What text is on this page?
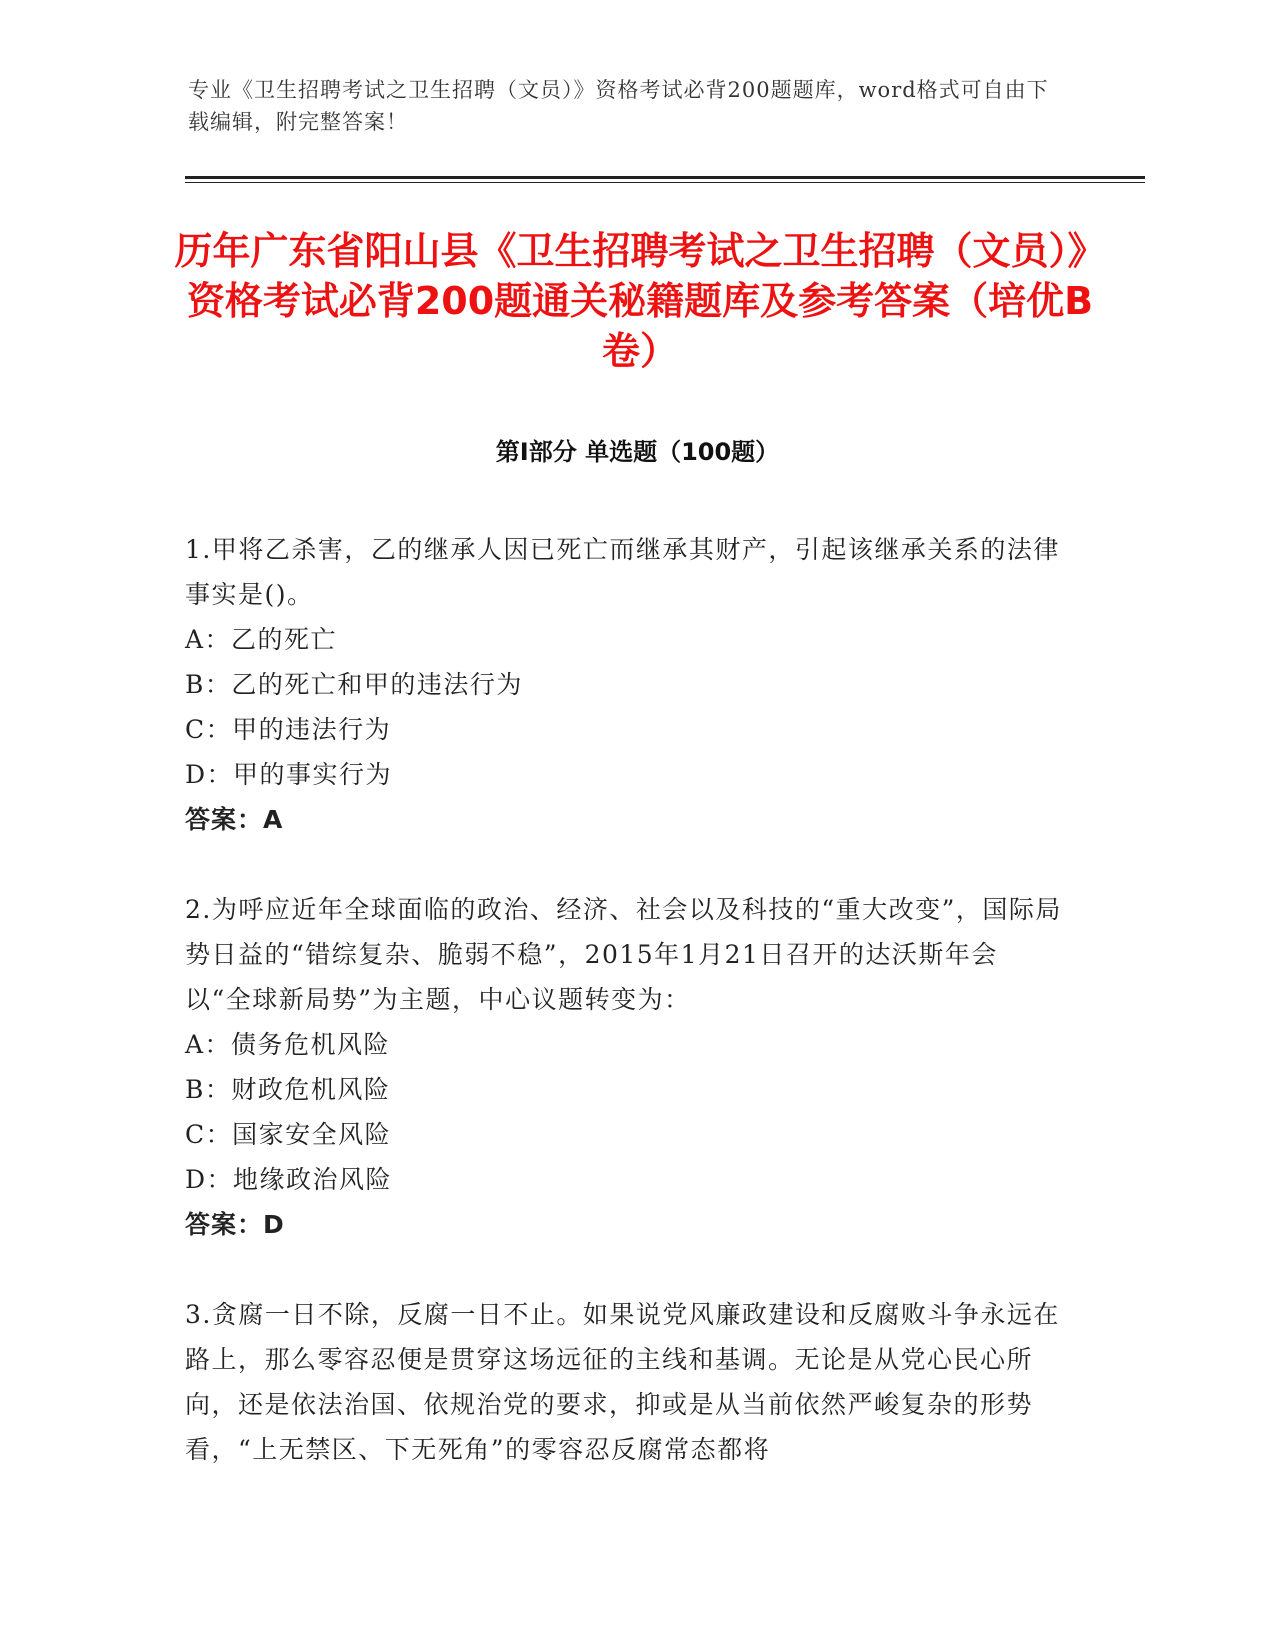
专业《卫生招聘考试之卫生招聘（文员）》资格考试必背200题题库，word格式可自由下载编辑，附完整答案！
历年广东省阳山县《卫生招聘考试之卫生招聘（文员）》资格考试必背200题通关秘籍题库及参考答案（培优B卷）
第I部分 单选题（100题）
1.甲将乙杀害，乙的继承人因已死亡而继承其财产，引起该继承关系的法律事实是()。
A：乙的死亡
B：乙的死亡和甲的违法行为
C：甲的违法行为
D：甲的事实行为
答案：A
2.为呼应近年全球面临的政治、经济、社会以及科技的“重大改变”，国际局势日益的“错综复杂、脆弱不稳”，2015年1月21日召开的达沃斯年会以“全球新局势”为主题，中心议题转变为：
A：债务危机风险
B：财政危机风险
C：国家安全风险
D：地缘政治风险
答案：D
3.贪腐一日不除，反腐一日不止。如果说党风廉政建设和反腐败斗争永远在路上，那么零容忍便是贯穿这场远征的主线和基调。无论是从党心民心所向，还是依法治国、依规治党的要求，抑或是从当前依然严峻复杂的形势看，“上无禁区、下无死角”的零容忍反腐常态都将
